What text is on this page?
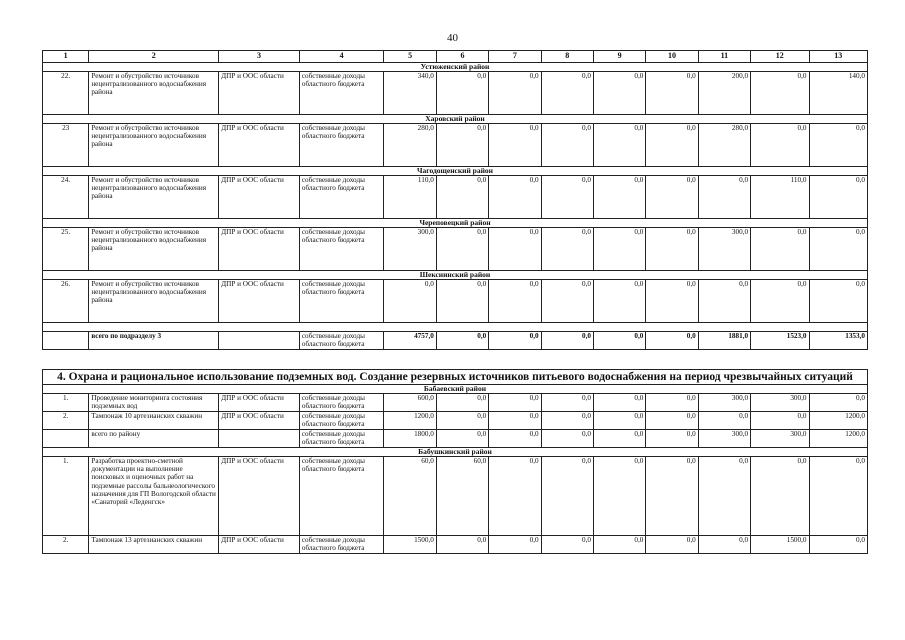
40
1	2	3	4	5	6	7	8	9	10	11	12	13
Устюженский район												
22.	Ремонт и обустройство источников нецентрализованного водоснабжения района	ДПР и ООС области	собственные доходы областного бюджета	340,0	0,0	0,0	0,0	0,0	0,0	200,0	0,0	140,0
Харовский район												
23	Ремонт и обустройство источников нецентрализованного водоснабжения района	ДПР и ООС области	собственные доходы областного бюджета	280,0	0,0	0,0	0,0	0,0	0,0	280,0	0,0	0,0
Чагодощенский район												
24.	Ремонт и обустройство источников нецентрализованного водоснабжения района	ДПР и ООС области	собственные доходы областного бюджета	110,0	0,0	0,0	0,0	0,0	0,0	0,0	110,0	0,0
Череповецкий район												
25.	Ремонт и обустройство источников нецентрализованного водоснабжения района	ДПР и ООС области	собственные доходы областного бюджета	300,0	0,0	0,0	0,0	0,0	0,0	300,0	0,0	0,0
Шекснинский район												
26.	Ремонт и обустройство источников нецентрализованного водоснабжения района	ДПР и ООС области	собственные доходы областного бюджета	0,0	0,0	0,0	0,0	0,0	0,0	0,0	0,0	0,0

	всего по подразделу 3		собственные доходы областного бюджета	4757,0	0,0	0,0	0,0	0,0	0,0	1881,0	1523,0	1353,0
4. Охрана и рациональное использование подземных вод. Создание резервных источников питьевого водоснабжения на период чрезвычайных ситуаций
Бабаевский район												
1.	Проведение мониторинга состояния подземных вод	ДПР и ООС области	собственные доходы областного бюджета	600,0	0,0	0,0	0,0	0,0	0,0	300,0	300,0	0,0
2.	Тампонаж 10 артезианских скважин	ДПР и ООС области	собственные доходы областного бюджета	1200,0	0,0	0,0	0,0	0,0	0,0	0,0	0,0	1200,0
	всего по району		собственные доходы областного бюджета	1800,0	0,0	0,0	0,0	0,0	0,0	300,0	300,0	1200,0
Бабушкинский район												
1.	Разработка проектно-сметной документации на выполнение поисковых и оценочных работ на подземные рассолы бальнеологического назначения для ГП Вологодской области «Санаторий «Леденгск»	ДПР и ООС области	собственные доходы областного бюджета	60,0	60,0	0,0	0,0	0,0	0,0	0,0	0,0	0,0
2.	Тампонаж 13 артезианских скважин	ДПР и ООС области	собственные доходы областного бюджета	1500,0	0,0	0,0	0,0	0,0	0,0	0,0	1500,0	0,0
